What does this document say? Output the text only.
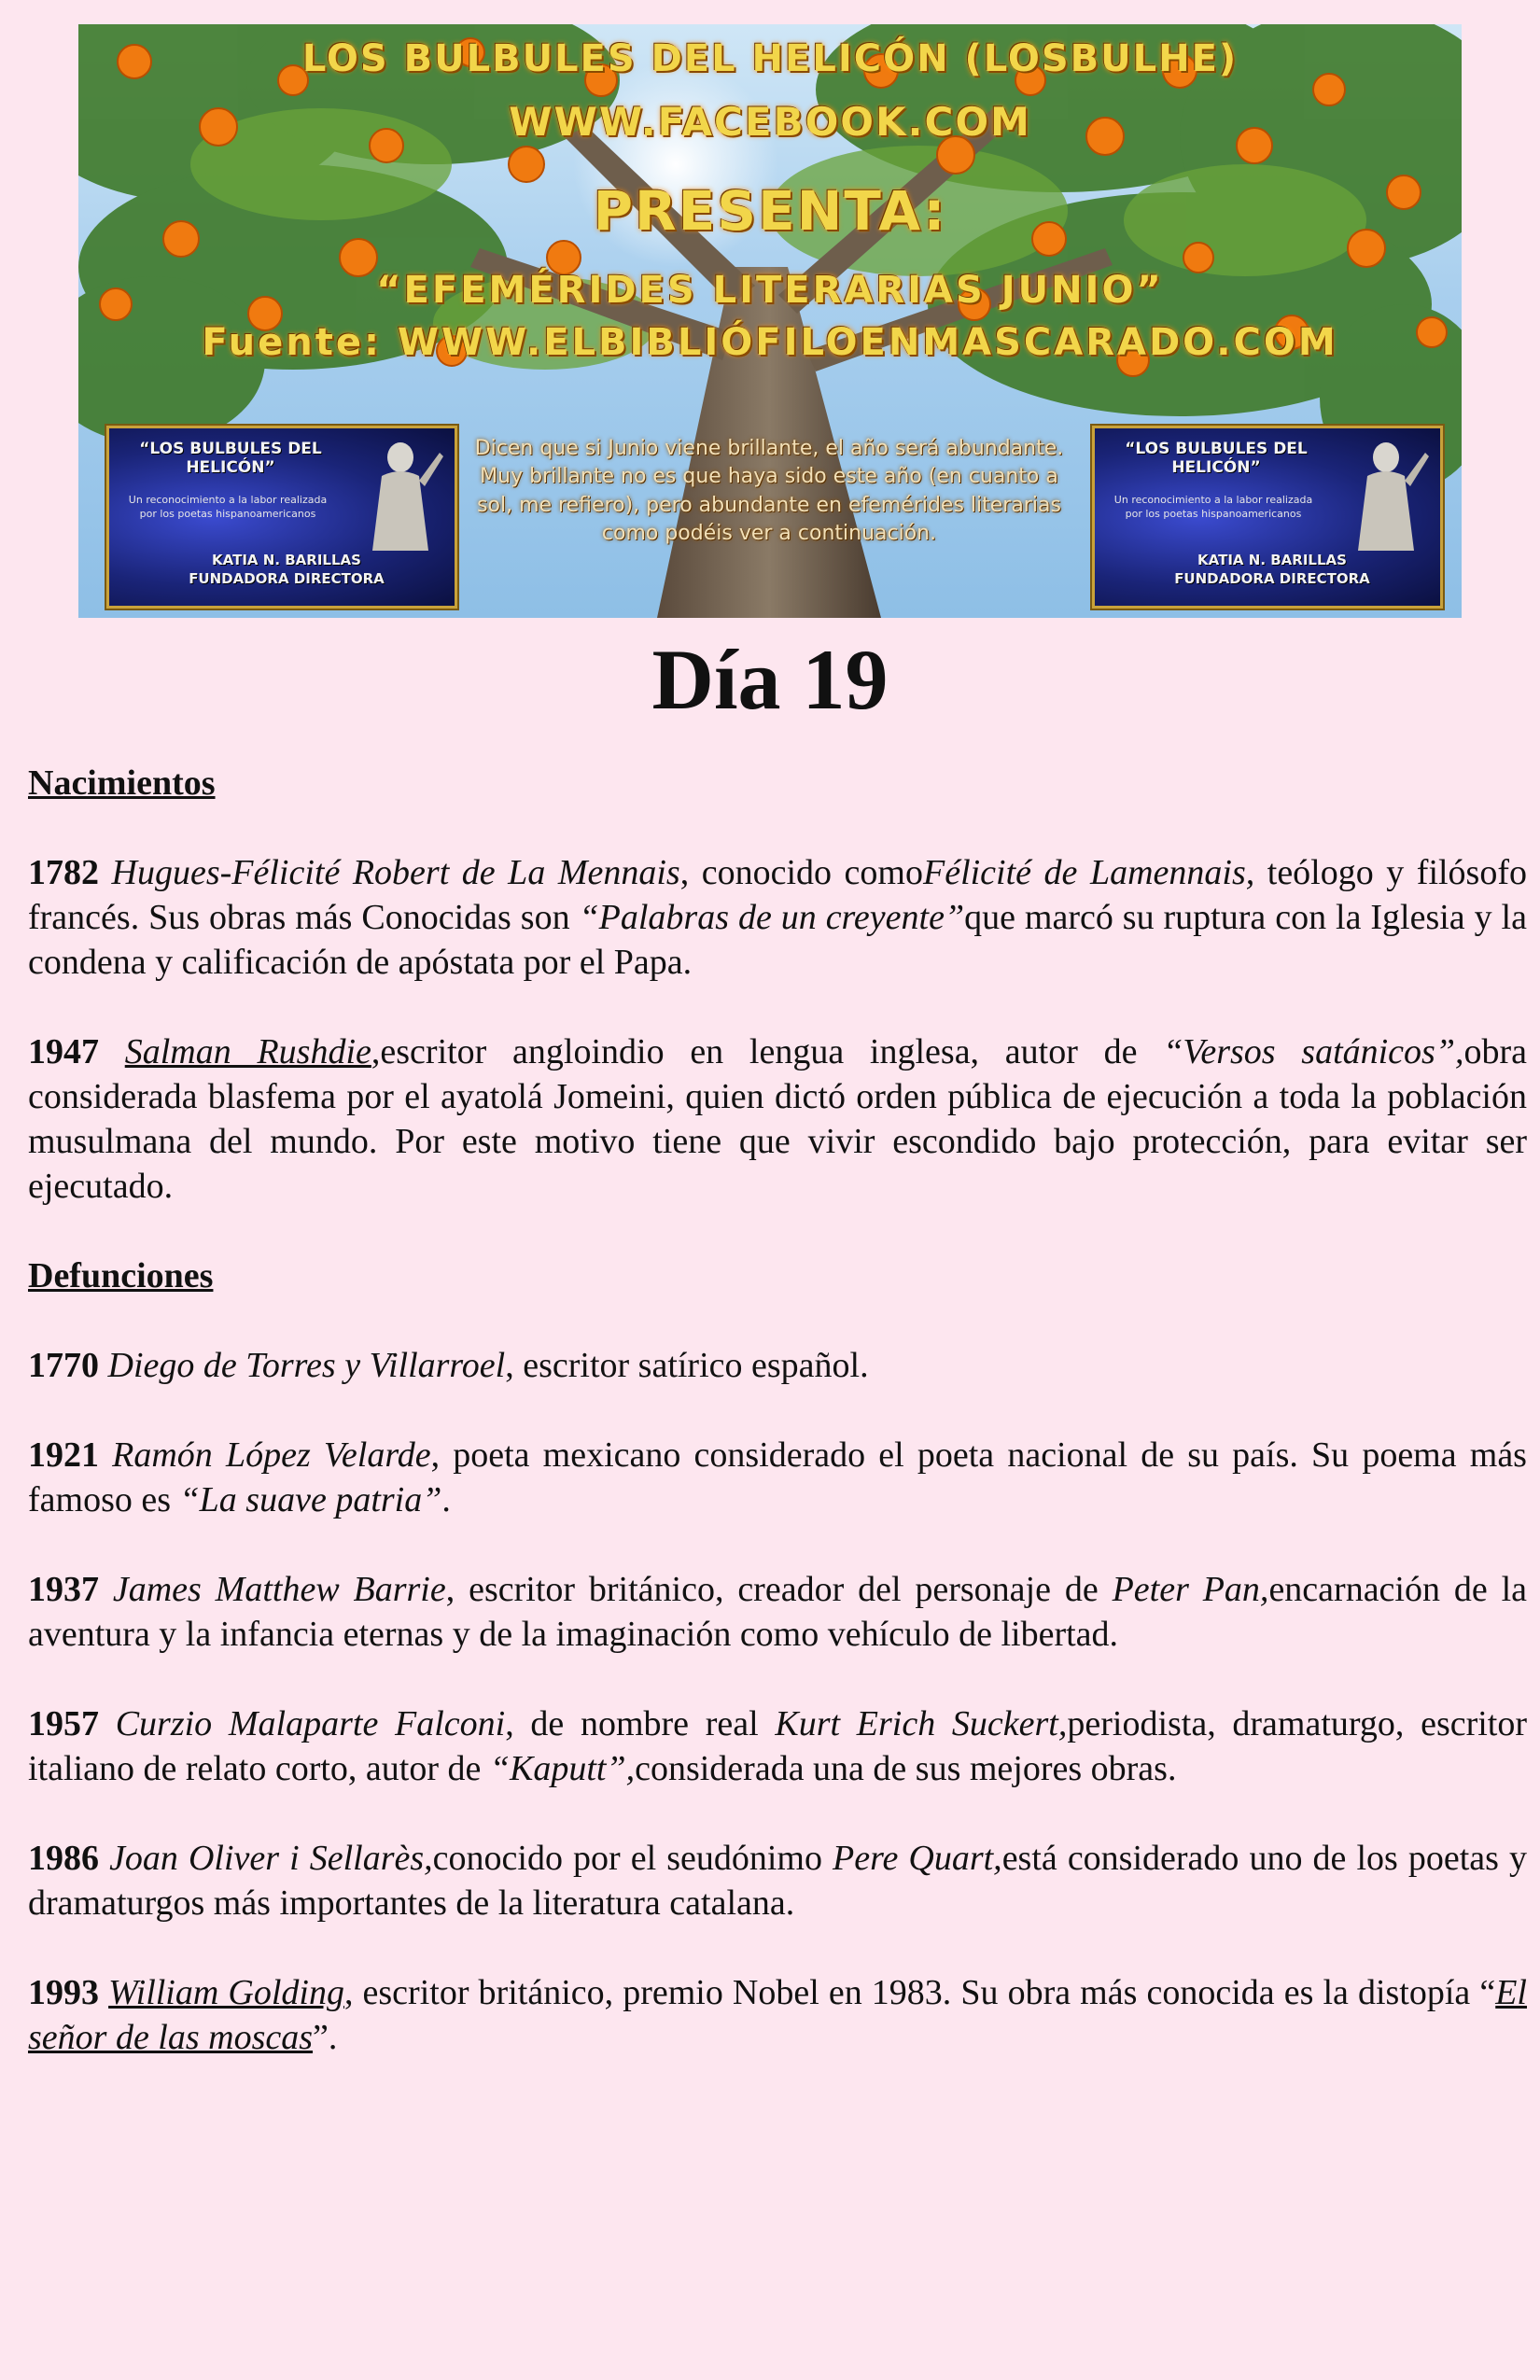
LOS BULBULES DEL HELICÓN (LOSBULHE)
WWW.FACEBOOK.COM
PRESENTA:
“EFEMÉRIDES LITERARIAS JUNIO”
Fuente: WWW.ELBIBLIÓFILOENMASCARADO.COM
“LOS BULBULES DEL HELICÓN”
Un reconocimiento a la labor realizada por los poetas hispanoamericanos
KATIA N. BARILLAS
FUNDADORA DIRECTORA
Dicen que si Junio viene brillante, el año será abundante. Muy brillante no es que haya sido este año (en cuanto a sol, me refiero), pero abundante en efemérides literarias como podéis ver a continuación.
“LOS BULBULES DEL HELICÓN”
Un reconocimiento a la labor realizada por los poetas hispanoamericanos
KATIA N. BARILLAS
FUNDADORA DIRECTORA
Día 19
Nacimientos

1782 Hugues-Félicité Robert de La Mennais, conocido comoFélicité de Lamennais, teólogo y filósofo francés. Sus obras más Conocidas son “Palabras de un creyente”que marcó su ruptura con la Iglesia y la condena y calificación de apóstata por el Papa.

1947 Salman Rushdie,escritor angloindio en lengua inglesa, autor de “Versos satánicos”,obra considerada blasfema por el ayatolá Jomeini, quien dictó orden pública de ejecución a toda la población musulmana del mundo. Por este motivo tiene que vivir escondido bajo protección, para evitar ser ejecutado.

Defunciones

1770 Diego de Torres y Villarroel, escritor satírico español.

1921 Ramón López Velarde, poeta mexicano considerado el poeta nacional de su país. Su poema más famoso es “La suave patria”.

1937 James Matthew Barrie, escritor británico, creador del personaje de Peter Pan,encarnación de la aventura y la infancia eternas y de la imaginación como vehículo de libertad.

1957 Curzio Malaparte Falconi, de nombre real Kurt Erich Suckert,periodista, dramaturgo, escritor italiano de relato corto, autor de “Kaputt”,considerada una de sus mejores obras.

1986 Joan Oliver i Sellarès,conocido por el seudónimo Pere Quart,está considerado uno de los poetas y dramaturgos más importantes de la literatura catalana.

1993 William Golding, escritor británico, premio Nobel en 1983. Su obra más conocida es la distopía “El señor de las moscas”.
